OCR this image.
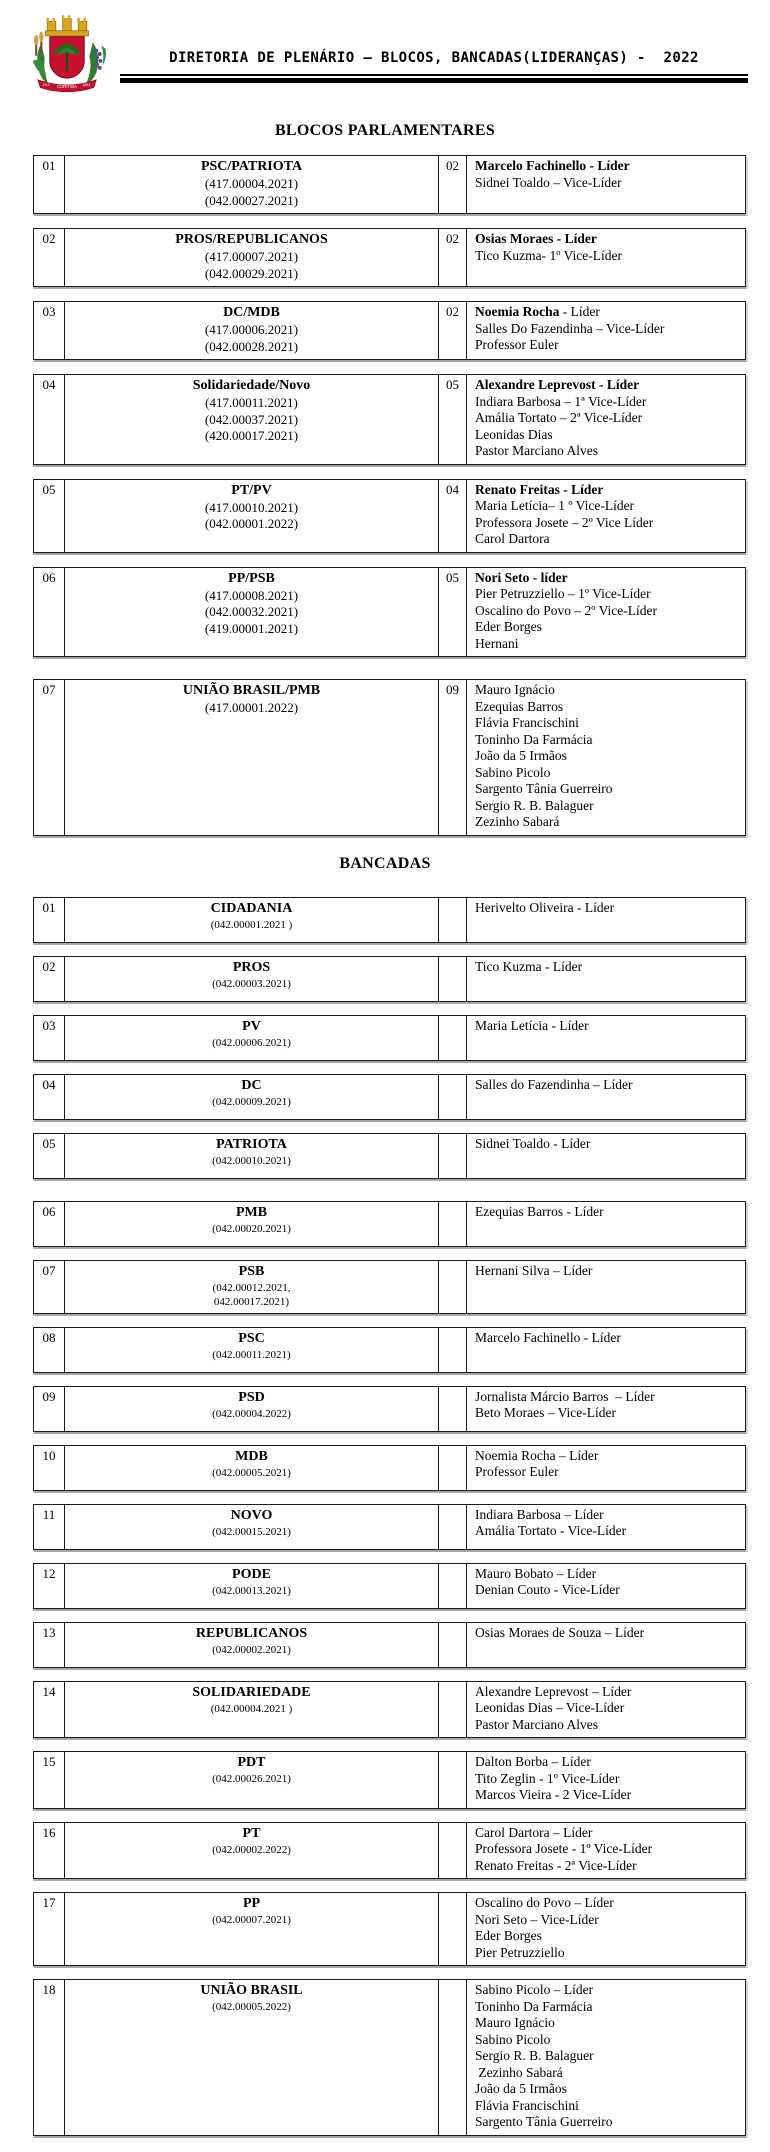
29-3 CURITIBA 1693
DIRETORIA DE PLENÁRIO — BLOCOS, BANCADAS(LIDERANÇAS) -  2022
BLOCOS PARLAMENTARES
01	PSC/PATRIOTA
(417.00004.2021)
(042.00027.2021)
02	Marcelo Fachinello - Líder
Sidnei Toaldo – Vice-Líder
02	PROS/REPUBLICANOS
(417.00007.2021)
(042.00029.2021)
02	Osias Moraes - Líder
Tico Kuzma- 1º Vice-Líder
03	DC/MDB
(417.00006.2021)
(042.00028.2021)
02	Noemia Rocha - Líder
Salles Do Fazendinha – Vice-Líder
Professor Euler
04	Solidariedade/Novo
(417.00011.2021)
(042.00037.2021)
(420.00017.2021)
05	Alexandre Leprevost - Líder
Indiara Barbosa – 1ª Vice-Líder
Amália Tortato – 2ª Vice-Líder
Leonidas Dias
Pastor Marciano Alves
05	PT/PV
(417.00010.2021)
(042.00001.2022)
04	Renato Freitas - Líder
Maria Letícia– 1 º Vice-Líder
Professora Josete – 2º Vice Líder
Carol Dartora
06	PP/PSB
(417.00008.2021)
(042.00032.2021)
(419.00001.2021)
05	Nori Seto - líder
Pier Petruzziello – 1º Vice-Líder
Oscalino do Povo – 2º Vice-Líder
Eder Borges
Hernani
07	UNIÃO BRASIL/PMB
(417.00001.2022)
09	Mauro Ignácio
Ezequias Barros
Flávia Francischini
Toninho Da Farmácia
João da 5 Irmãos
Sabino Picolo
Sargento Tânia Guerreiro
Sergio R. B. Balaguer
Zezinho Sabará
BANCADAS
01	CIDADANIA
(042.00001.2021 )
Herivelto Oliveira - Líder
02	PROS
(042.00003.2021)
Tico Kuzma - Líder
03	PV
(042.00006.2021)
Maria Letícia - Líder
04	DC
(042.00009.2021)
Salles do Fazendinha – Líder
05	PATRIOTA
(042.00010.2021)
Sidnei Toaldo - Líder
06	PMB
(042.00020.2021)
Ezequias Barros - Líder
07	PSB
(042.00012.2021,
042.00017.2021)
Hernani Silva – Líder
08	PSC
(042.00011.2021)
Marcelo Fachinello - Líder
09	PSD
(042.00004.2022)
Jornalista Márcio Barros  – Líder
Beto Moraes – Vice-Líder
10	MDB
(042.00005.2021)
Noemia Rocha – Líder
Professor Euler
11	NOVO
(042.00015.2021)
Indiara Barbosa – Líder
Amália Tortato - Vice-Líder
12	PODE
(042.00013.2021)
Mauro Bobato – Líder
Denian Couto - Vice-Líder
13	REPUBLICANOS
(042.00002.2021)
Osias Moraes de Souza – Líder
14	SOLIDARIEDADE
(042.00004.2021 )
Alexandre Leprevost – Líder
Leonidas Dias – Vice-Líder
Pastor Marciano Alves
15	PDT
(042.00026.2021)
Dalton Borba – Líder
Tito Zeglin - 1º Vice-Líder
Marcos Vieira - 2 Vice-Líder
16	PT
(042.00002.2022)
Carol Dartora – Líder
Professora Josete - 1º Vice-Líder
Renato Freitas - 2ª Vice-Líder
17	PP
(042.00007.2021)
Oscalino do Povo – Líder
Nori Seto – Vice-Líder
Eder Borges
Pier Petruzziello
18	UNIÃO BRASIL
(042.00005.2022)
Sabino Picolo – Líder
Toninho Da Farmácia
Mauro Ignácio
Sabino Picolo
Sergio R. B. Balaguer
Zezinho Sabará
João da 5 Irmãos
Flávia Francischini
Sargento Tânia Guerreiro
